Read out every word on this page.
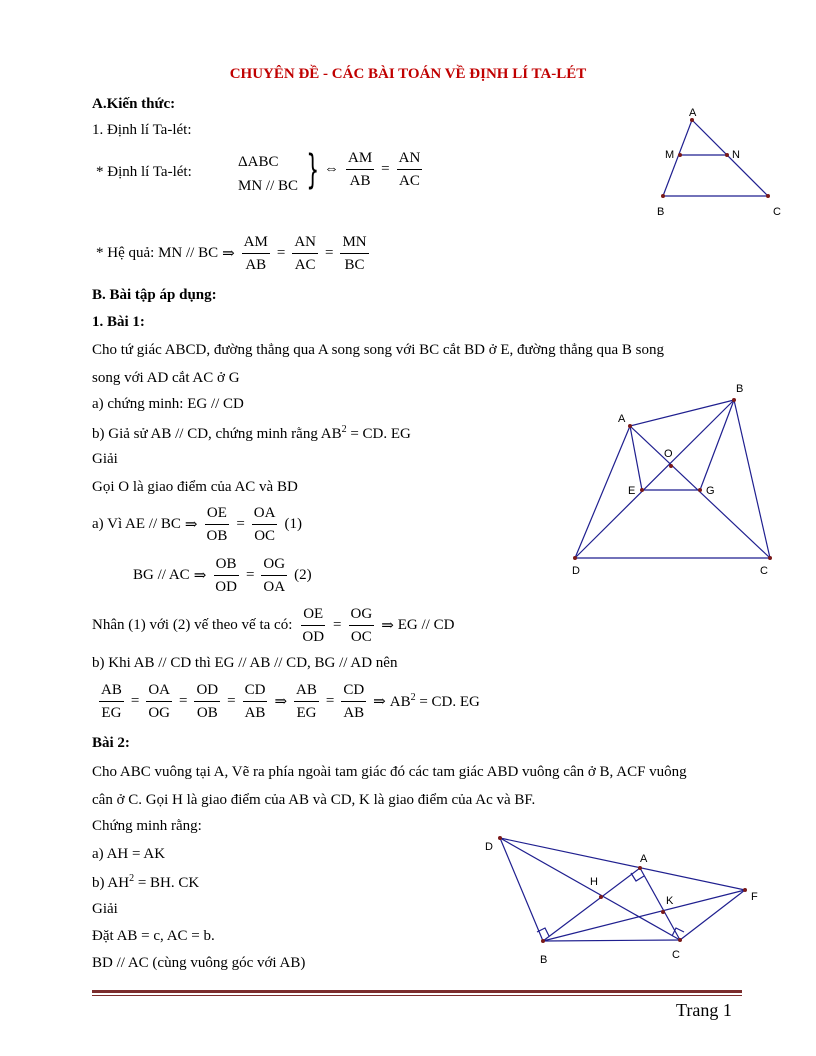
CHUYÊN ĐỀ - CÁC BÀI TOÁN VỀ ĐỊNH LÍ TA-LÉT
A.Kiến thức:
1. Định lí Ta-lét:
* Định lí Ta-lét:
ΔABC
MN // BC } ⇔ $\frac{AM}{AB} = \frac{AN}{AC}$
A
M	N
B	C
* Hệ quả: MN // BC ⇒ $\frac{AM}{AB} = \frac{AN}{AC} = \frac{MN}{BC}$
B. Bài tập áp dụng:
1. Bài 1:
Cho tứ giác ABCD, đường thẳng qua A song song với BC cắt BD ở E, đường thẳng qua B song
song với AD cắt AC ở G
a) chứng minh: EG // CD
b) Giả sử AB // CD, chứng minh rằng $AB^2$ = CD. EG
Giải
Gọi O là giao điểm của AC và BD
a) Vì AE // BC ⇒ $\frac{OE}{OB} = \frac{OA}{OC} (1)$
BG // AC ⇒ $\frac{OB}{OD} = \frac{OG}{OA} (2)$
A
B
O
E	G
D	C
Nhân (1) với (2) vế theo vế ta có: $\frac{OE}{OD} = \frac{OG}{OC}$ ⇒ EG // CD
b) Khi AB // CD thì EG // AB // CD, BG // AD nên
$\frac{AB}{EG} = \frac{OA}{OG} = \frac{OD}{OB} = \frac{CD}{AB}$ ⇒ $\frac{AB}{EG} = \frac{CD}{AB}$ ⇒ $AB^2$ = CD. EG
Bài 2:
Cho ABC vuông tại A, Vẽ ra phía ngoài tam giác đó các tam giác ABD vuông cân ở B, ACF vuông
cân ở C. Gọi H là giao điểm của AB và CD, K là giao điểm của Ac và BF.
Chứng minh rằng:
a) AH = AK
b) $AH^2$ = BH. CK
Giải
Đặt AB = c, AC = b.
BD // AC (cùng vuông góc với AB)
D
A
H
K	F
B	C
Trang 1
